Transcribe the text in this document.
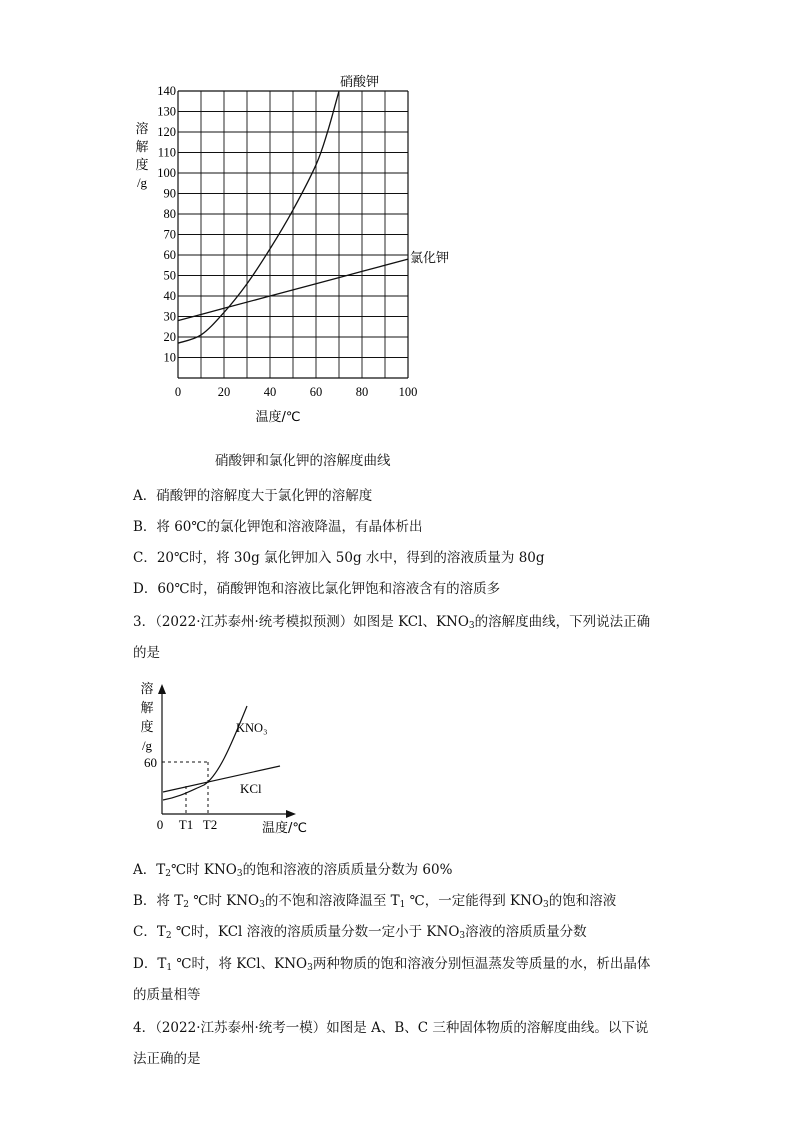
10
20
30
40
50
60
70
80
90
100
110
120
130
140
0	20	40	60	80 100
溶
解
度
/g
硝酸钾
氯化钾
温度/℃
硝酸钾和氯化钾的溶解度曲线
A．硝酸钾的溶解度大于氯化钾的溶解度
B．将 60℃的氯化钾饱和溶液降温，有晶体析出
C．20℃时，将 30g 氯化钾加入 50g 水中，得到的溶液质量为 80g
D．60℃时，硝酸钾饱和溶液比氯化钾饱和溶液含有的溶质多
3．（2022·江苏泰州·统考模拟预测）如图是 KCl、$KNO_3$的溶解度曲线，下列说法正确
的是
溶
解
度
/g
60
KNO₃
KCl
0 T1 T2	温度/℃
A．$T_2℃$时 $KNO_3$的饱和溶液的溶质质量分数为 60%
B．将 $T_2$ ℃时 $KNO_3$的不饱和溶液降温至 $T_1$ ℃，一定能得到 $KNO_3$的饱和溶液
C．$T_2$ ℃时，KCl 溶液的溶质质量分数一定小于 $KNO_3$溶液的溶质质量分数
D．$T_1$ ℃时，将 KCl、$KNO_3$两种物质的饱和溶液分别恒温蒸发等质量的水，析出晶体
的质量相等
4．（2022·江苏泰州·统考一模）如图是 A、B、C 三种固体物质的溶解度曲线。以下说
法正确的是
